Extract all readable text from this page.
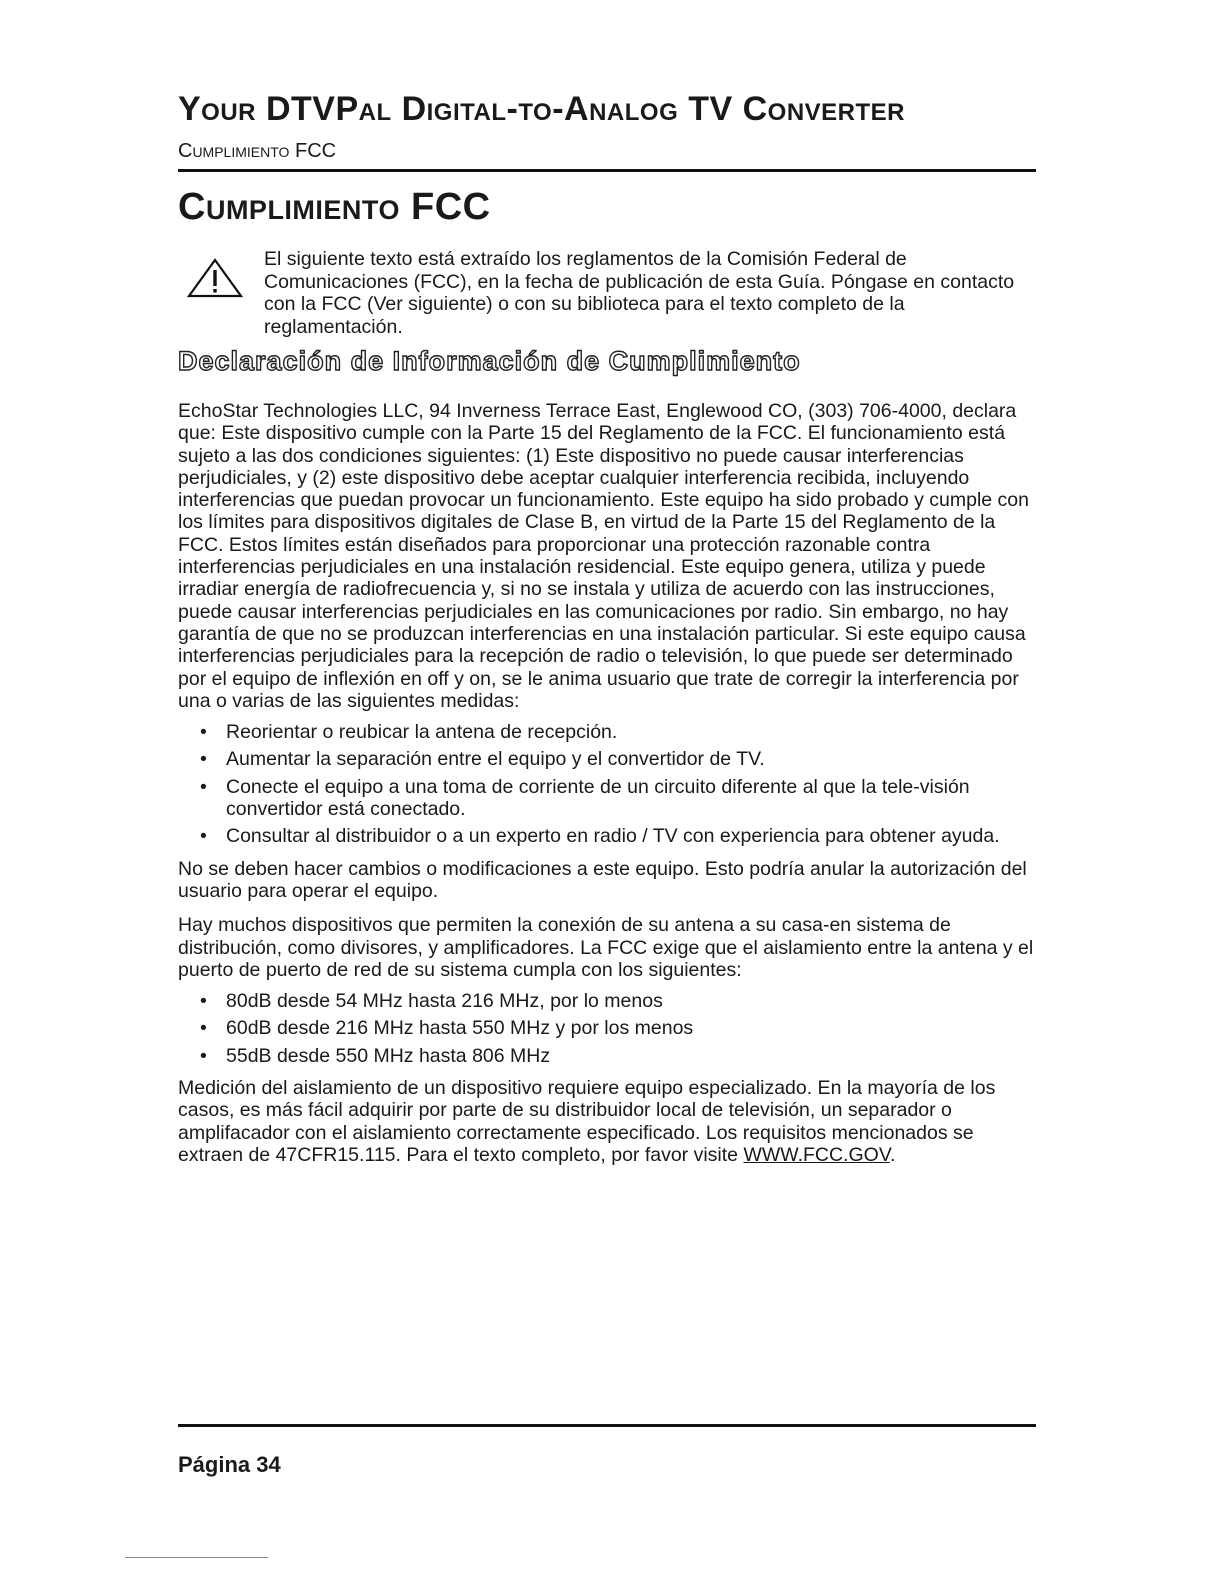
Your DTVPal Digital-to-Analog TV Converter
Cumplimiento FCC
Cumplimiento FCC
El siguiente texto está extraído los reglamentos de la Comisión Federal de Comunicaciones (FCC), en la fecha de publicación de esta Guía. Póngase en contacto con la FCC (Ver siguiente) o con su biblioteca para el texto completo de la reglamentación.
Declaración de Información de Cumplimiento

EchoStar Technologies LLC, 94 Inverness Terrace East, Englewood CO, (303) 706-4000, declara que: Este dispositivo cumple con la Parte 15 del Reglamento de la FCC. El funcionamiento está sujeto a las dos condiciones siguientes: (1) Este dispositivo no puede causar interferencias perjudiciales, y (2) este dispositivo debe aceptar cualquier interferencia recibida, incluyendo interferencias que puedan provocar un funcionamiento. Este equipo ha sido probado y cumple con los límites para dispositivos digitales de Clase B, en virtud de la Parte 15 del Reglamento de la FCC. Estos límites están diseñados para proporcionar una protección razonable contra interferencias perjudiciales en una instalación residencial. Este equipo genera, utiliza y puede irradiar energía de radiofrecuencia y, si no se instala y utiliza de acuerdo con las instrucciones, puede causar interferencias perjudiciales en las comunicaciones por radio. Sin embargo, no hay garantía de que no se produzcan interferencias en una instalación particular. Si este equipo causa interferencias perjudiciales para la recepción de radio o televisión, lo que puede ser determinado por el equipo de inflexión en off y on, se le anima usuario que trate de corregir la interferencia por una o varias de las siguientes medidas:

• Reorientar o reubicar la antena de recepción.
• Aumentar la separación entre el equipo y el convertidor de TV.
• Conecte el equipo a una toma de corriente de un circuito diferente al que la tele-visión convertidor está conectado.
• Consultar al distribuidor o a un experto en radio / TV con experiencia para obtener ayuda.

No se deben hacer cambios o modificaciones a este equipo. Esto podría anular la autorización del usuario para operar el equipo.

Hay muchos dispositivos que permiten la conexión de su antena a su casa-en sistema de distribución, como divisores, y amplificadores. La FCC exige que el aislamiento entre la antena y el puerto de puerto de red de su sistema cumpla con los siguientes:

• 80dB desde 54 MHz hasta 216 MHz, por lo menos
• 60dB desde 216 MHz hasta 550 MHz y por los menos
• 55dB desde 550 MHz hasta 806 MHz

Medición del aislamiento de un dispositivo requiere equipo especializado. En la mayoría de los casos, es más fácil adquirir por parte de su distribuidor local de televisión, un separador o amplifacador con el aislamiento correctamente especificado. Los requisitos mencionados se extraen de 47CFR15.115. Para el texto completo, por favor visite WWW.FCC.GOV.

Página 34
